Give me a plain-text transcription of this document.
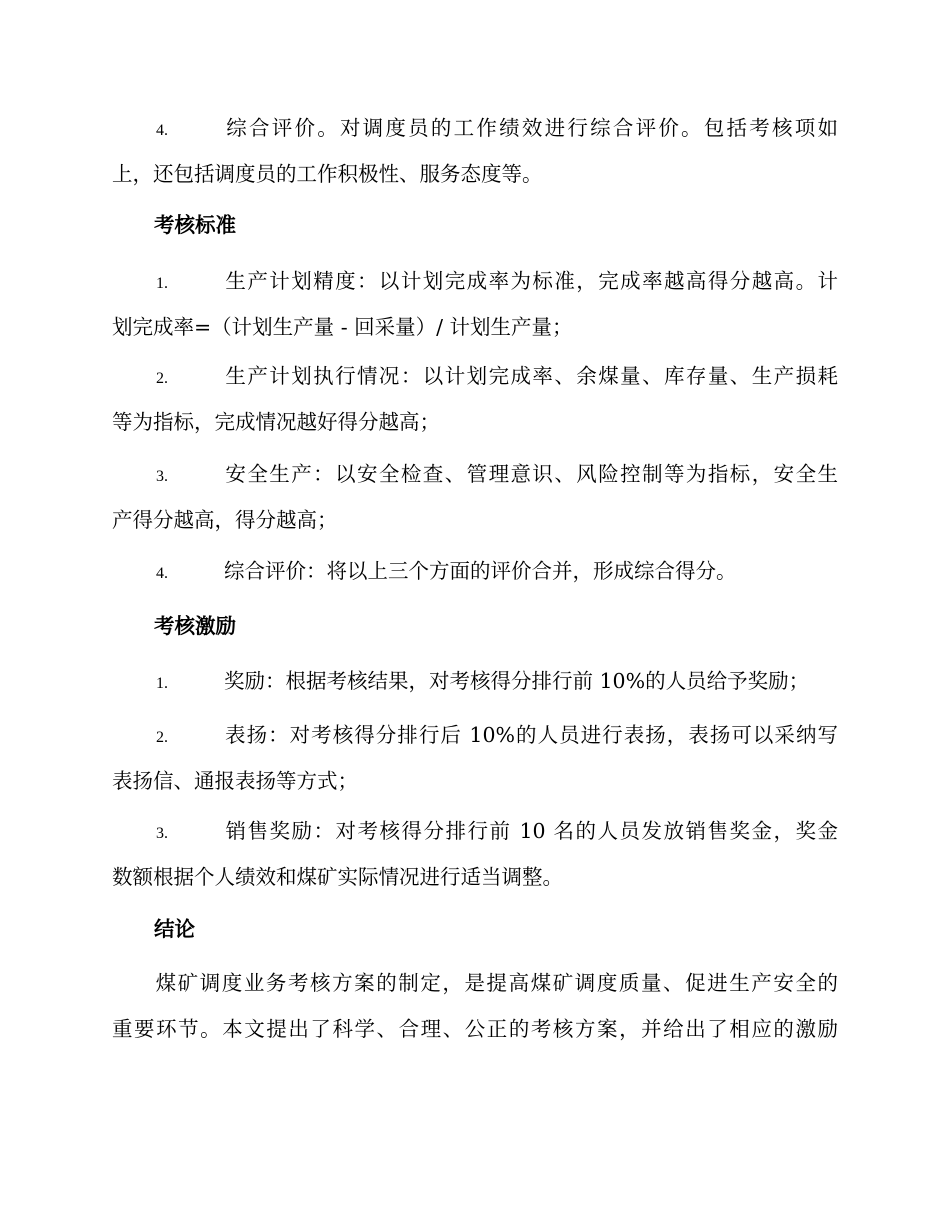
4.	综合评价。对调度员的工作绩效进行综合评价。包括考核项如
上，还包括调度员的工作积极性、服务态度等。
考核标准
1.	生产计划精度：以计划完成率为标准，完成率越高得分越高。计
划完成率=（计划生产量 - 回采量）/ 计划生产量；
2.	生产计划执行情况：以计划完成率、余煤量、库存量、生产损耗
等为指标，完成情况越好得分越高；
3.	安全生产：以安全检查、管理意识、风险控制等为指标，安全生
产得分越高，得分越高；
4.	综合评价：将以上三个方面的评价合并，形成综合得分。
考核激励
1.	奖励：根据考核结果，对考核得分排行前 10%的人员给予奖励；
2.	表扬：对考核得分排行后 10%的人员进行表扬，表扬可以采纳写
表扬信、通报表扬等方式；
3.	销售奖励：对考核得分排行前 10 名的人员发放销售奖金，奖金
数额根据个人绩效和煤矿实际情况进行适当调整。
结论
煤矿调度业务考核方案的制定，是提高煤矿调度质量、促进生产安全的
重要环节。本文提出了科学、合理、公正的考核方案，并给出了相应的激励
